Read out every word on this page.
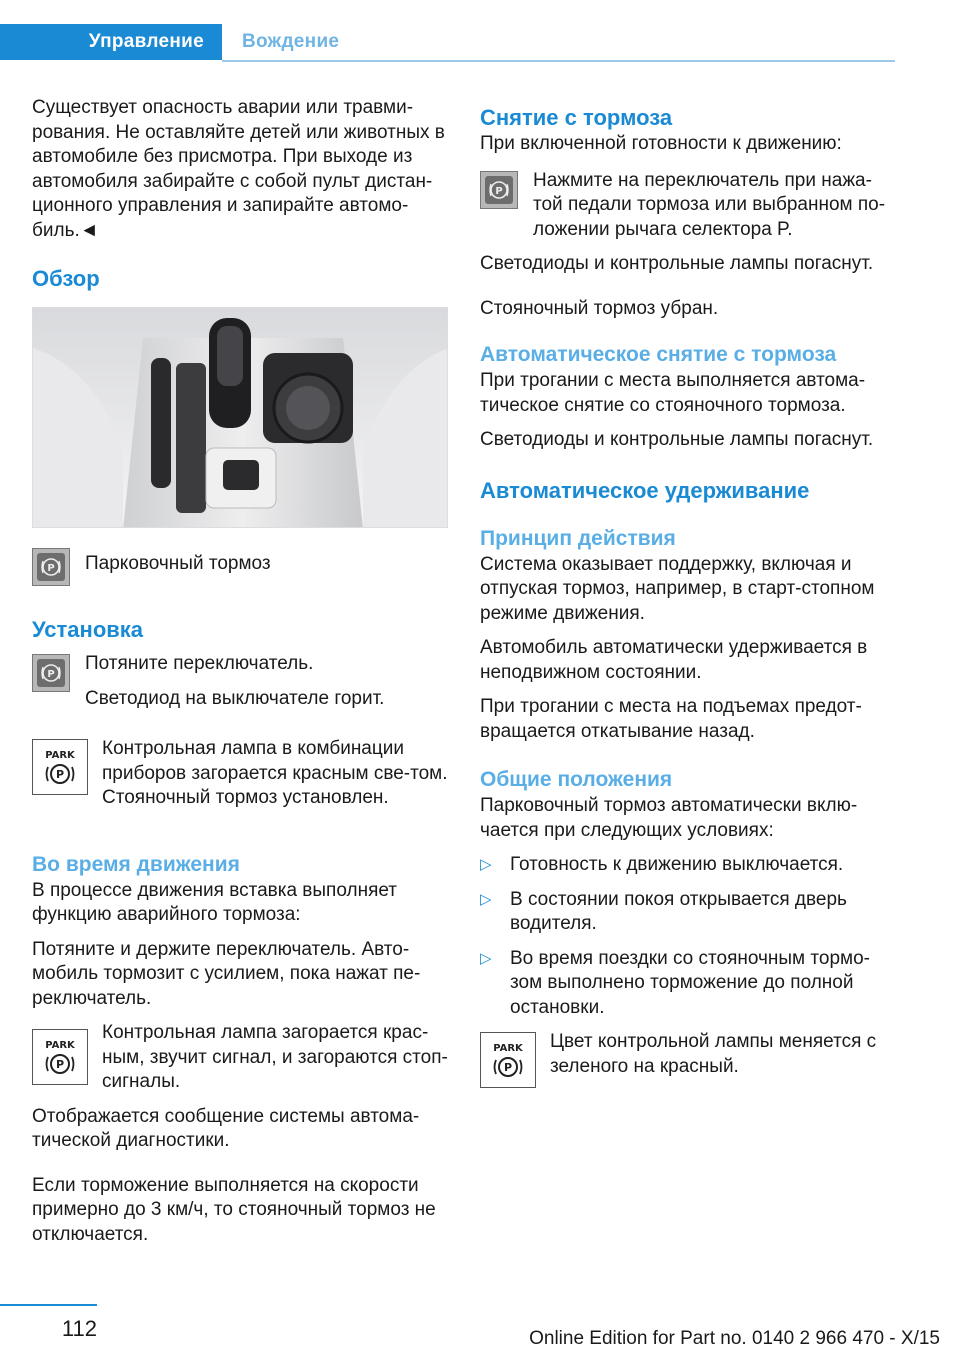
Управление	Вождение

Существует опасность аварии или травми-рования. Не оставляйте детей или животных в автомобиле без присмотра. При выходе из автомобиля забирайте с собой пульт дистан-ционного управления и запирайте автомо-биль.◄

Обзор
P Парковочный тормоз

Установка
P

Потяните переключатель.

Светодиод на выключателе горит.

PARK
P

Контрольная лампа в комбинации приборов загорается красным све-том. Стояночный тормоз установлен.

Во время движения

В процессе движения вставка выполняет функцию аварийного тормоза:

Потяните и держите переключатель. Авто-мобиль тормозит с усилием, пока нажат пе-реключатель.

PARK
P

Контрольная лампа загорается крас-ным, звучит сигнал, и загораются стоп-сигналы.

Отображается сообщение системы автома-тической диагностики.

Если торможение выполняется на скорости примерно до 3 км/ч, то стояночный тормоз не отключается.

Снятие с тормоза

При включенной готовности к движению:

P

Нажмите на переключатель при нажа-той педали тормоза или выбранном по-ложении рычага селектора P.

Светодиоды и контрольные лампы погаснут.

Стояночный тормоз убран.

Автоматическое снятие с тормоза

При трогании с места выполняется автома-тическое снятие со стояночного тормоза.

Светодиоды и контрольные лампы погаснут.

Автоматическое удерживание
Принцип действия

Система оказывает поддержку, включая и отпуская тормоз, например, в старт-стопном режиме движения.

Автомобиль автоматически удерживается в неподвижном состоянии.

При трогании с места на подъемах предот-вращается откатывание назад.

Общие положения

Парковочный тормоз автоматически вклю-чается при следующих условиях:

▷ Готовность к движению выключается.

▷ В состоянии покоя открывается дверь водителя.

▷ Во время поездки со стояночным тормо-зом выполнено торможение до полной остановки.

PARK
P

Цвет контрольной лампы меняется с зеленого на красный.

112	Online Edition for Part no. 0140 2 966 470 - X/15
